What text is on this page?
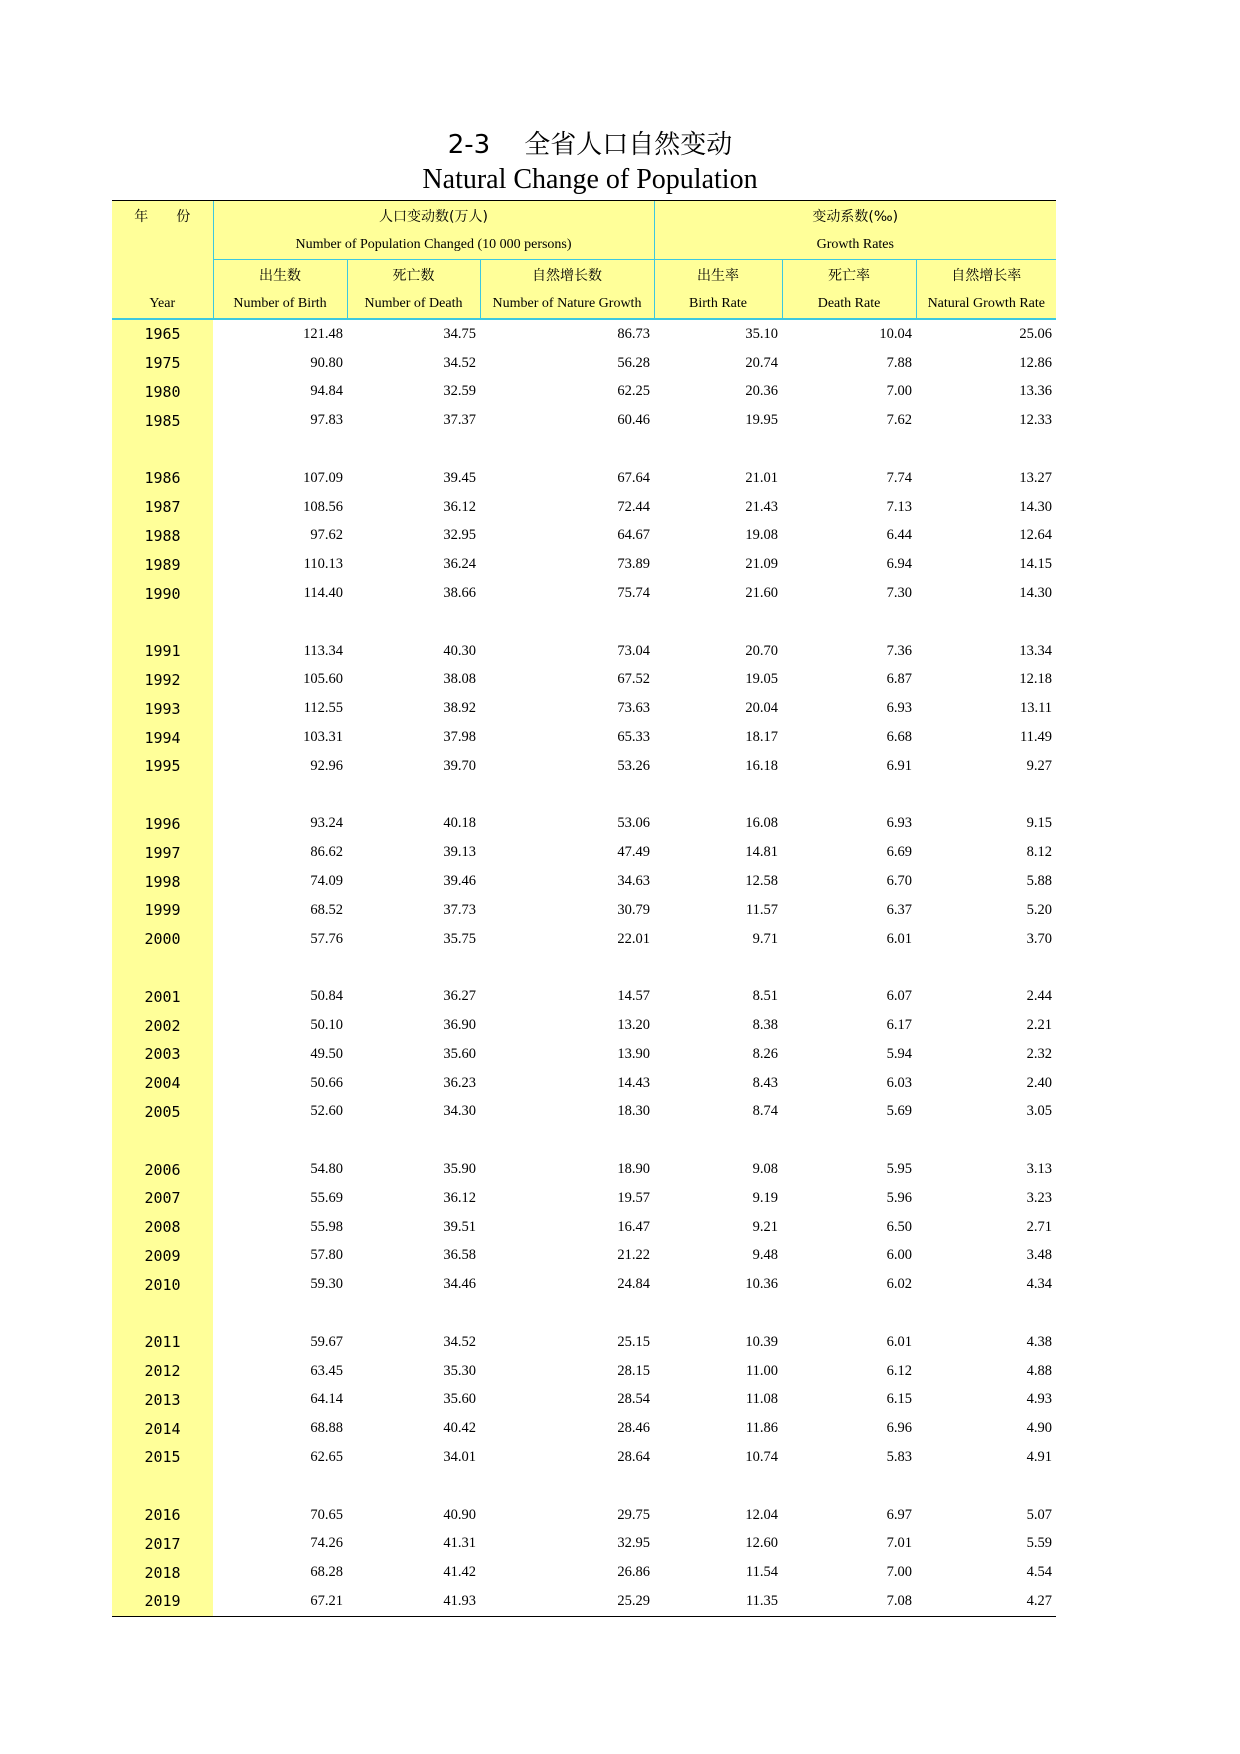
2-3 全省人口自然变动
Natural Change of Population
年　　份	人口变动数(万人)			变动系数(‰)		
	Number of Population Changed (10 000 persons)			Growth Rates		
	出生数	死亡数	自然增长数	出生率	死亡率	自然增长率
Year	Number of Birth	Number of Death	Number of Nature Growth	Birth Rate	Death Rate	Natural Growth Rate
1965	121.48	34.75	86.73	35.10	10.04	25.06
1975	90.80	34.52	56.28	20.74	7.88	12.86
1980	94.84	32.59	62.25	20.36	7.00	13.36
1985	97.83	37.37	60.46	19.95	7.62	12.33

1986	107.09	39.45	67.64	21.01	7.74	13.27
1987	108.56	36.12	72.44	21.43	7.13	14.30
1988	97.62	32.95	64.67	19.08	6.44	12.64
1989	110.13	36.24	73.89	21.09	6.94	14.15
1990	114.40	38.66	75.74	21.60	7.30	14.30

1991	113.34	40.30	73.04	20.70	7.36	13.34
1992	105.60	38.08	67.52	19.05	6.87	12.18
1993	112.55	38.92	73.63	20.04	6.93	13.11
1994	103.31	37.98	65.33	18.17	6.68	11.49
1995	92.96	39.70	53.26	16.18	6.91	9.27

1996	93.24	40.18	53.06	16.08	6.93	9.15
1997	86.62	39.13	47.49	14.81	6.69	8.12
1998	74.09	39.46	34.63	12.58	6.70	5.88
1999	68.52	37.73	30.79	11.57	6.37	5.20
2000	57.76	35.75	22.01	9.71	6.01	3.70

2001	50.84	36.27	14.57	8.51	6.07	2.44
2002	50.10	36.90	13.20	8.38	6.17	2.21
2003	49.50	35.60	13.90	8.26	5.94	2.32
2004	50.66	36.23	14.43	8.43	6.03	2.40
2005	52.60	34.30	18.30	8.74	5.69	3.05

2006	54.80	35.90	18.90	9.08	5.95	3.13
2007	55.69	36.12	19.57	9.19	5.96	3.23
2008	55.98	39.51	16.47	9.21	6.50	2.71
2009	57.80	36.58	21.22	9.48	6.00	3.48
2010	59.30	34.46	24.84	10.36	6.02	4.34

2011	59.67	34.52	25.15	10.39	6.01	4.38
2012	63.45	35.30	28.15	11.00	6.12	4.88
2013	64.14	35.60	28.54	11.08	6.15	4.93
2014	68.88	40.42	28.46	11.86	6.96	4.90
2015	62.65	34.01	28.64	10.74	5.83	4.91

2016	70.65	40.90	29.75	12.04	6.97	5.07
2017	74.26	41.31	32.95	12.60	7.01	5.59
2018	68.28	41.42	26.86	11.54	7.00	4.54
2019	67.21	41.93	25.29	11.35	7.08	4.27
